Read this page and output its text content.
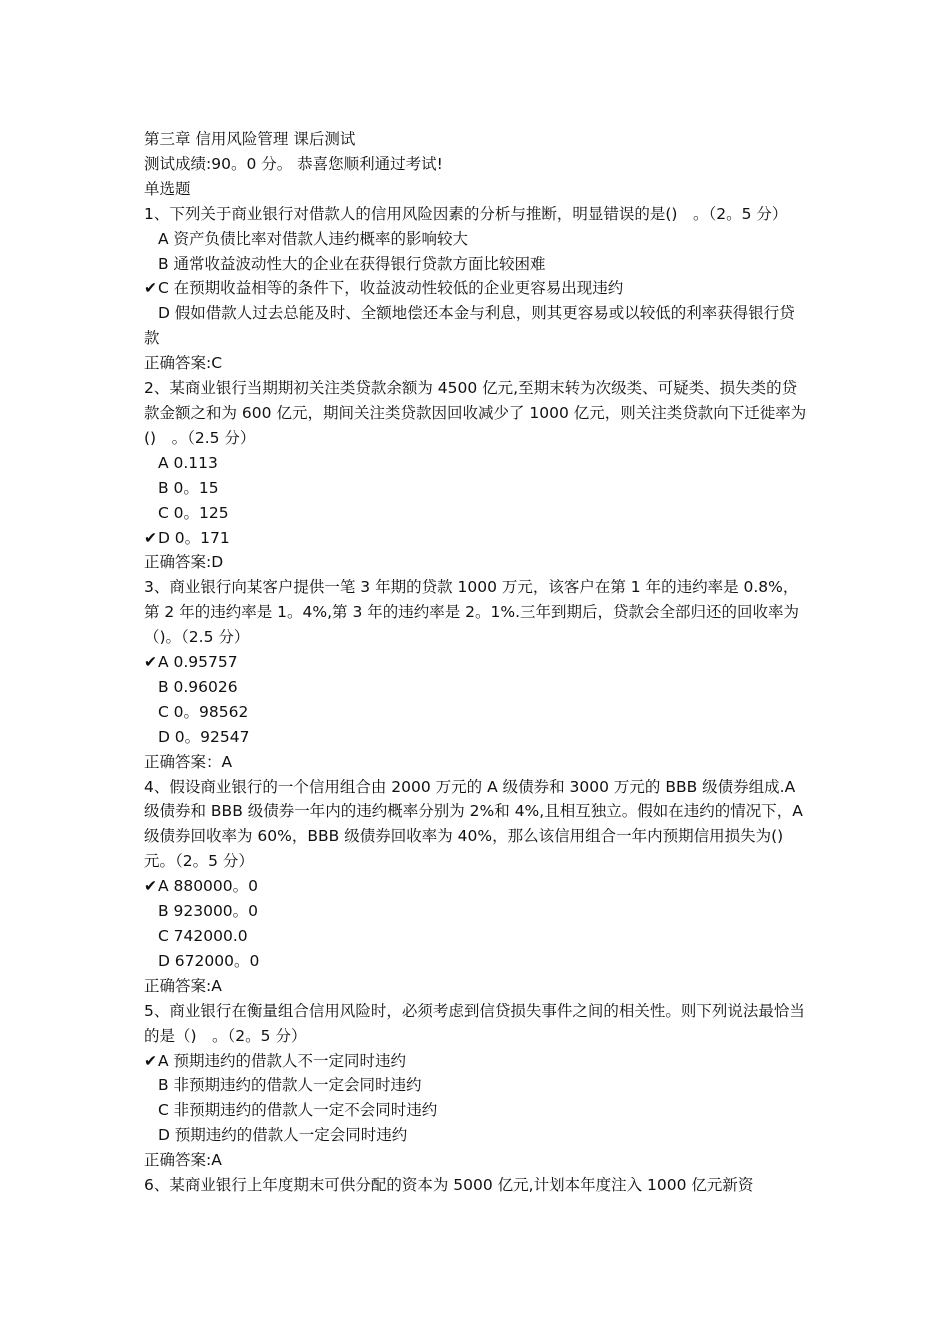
第三章 信用风险管理 课后测试
测试成绩:90。0 分。 恭喜您顺利通过考试!
单选题
1、下列关于商业银行对借款人的信用风险因素的分析与推断，明显错误的是()　。（2。5 分）
A 资产负债比率对借款人违约概率的影响较大
B 通常收益波动性大的企业在获得银行贷款方面比较困难
✔C 在预期收益相等的条件下，收益波动性较低的企业更容易出现违约
D 假如借款人过去总能及时、全额地偿还本金与利息，则其更容易或以较低的利率获得银行贷款
正确答案:C
2、某商业银行当期期初关注类贷款余额为 4500 亿元,至期末转为次级类、可疑类、损失类的贷款金额之和为 600 亿元，期间关注类贷款因回收减少了 1000 亿元，则关注类贷款向下迁徙率为()　。（2.5 分）
A 0.113
B 0。15
C 0。125
✔D 0。171
正确答案:D
3、商业银行向某客户提供一笔 3 年期的贷款 1000 万元，该客户在第 1 年的违约率是 0.8%，第 2 年的违约率是 1。4%,第 3 年的违约率是 2。1%.三年到期后，贷款会全部归还的回收率为（)。（2.5 分）
✔A 0.95757
B 0.96026
C 0。98562
D 0。92547
正确答案：A
4、假设商业银行的一个信用组合由 2000 万元的 A 级债券和 3000 万元的 BBB 级债券组成.A 级债券和 BBB 级债券一年内的违约概率分别为 2%和 4%,且相互独立。假如在违约的情况下，A 级债券回收率为 60%，BBB 级债券回收率为 40%，那么该信用组合一年内预期信用损失为()元。（2。5 分）
✔A 880000。0
B 923000。0
C 742000.0
D 672000。0
正确答案:A
5、商业银行在衡量组合信用风险时，必须考虑到信贷损失事件之间的相关性。则下列说法最恰当的是（)　。（2。5 分）
✔A 预期违约的借款人不一定同时违约
B 非预期违约的借款人一定会同时违约
C 非预期违约的借款人一定不会同时违约
D 预期违约的借款人一定会同时违约
正确答案:A
6、某商业银行上年度期末可供分配的资本为 5000 亿元,计划本年度注入 1000 亿元新资
